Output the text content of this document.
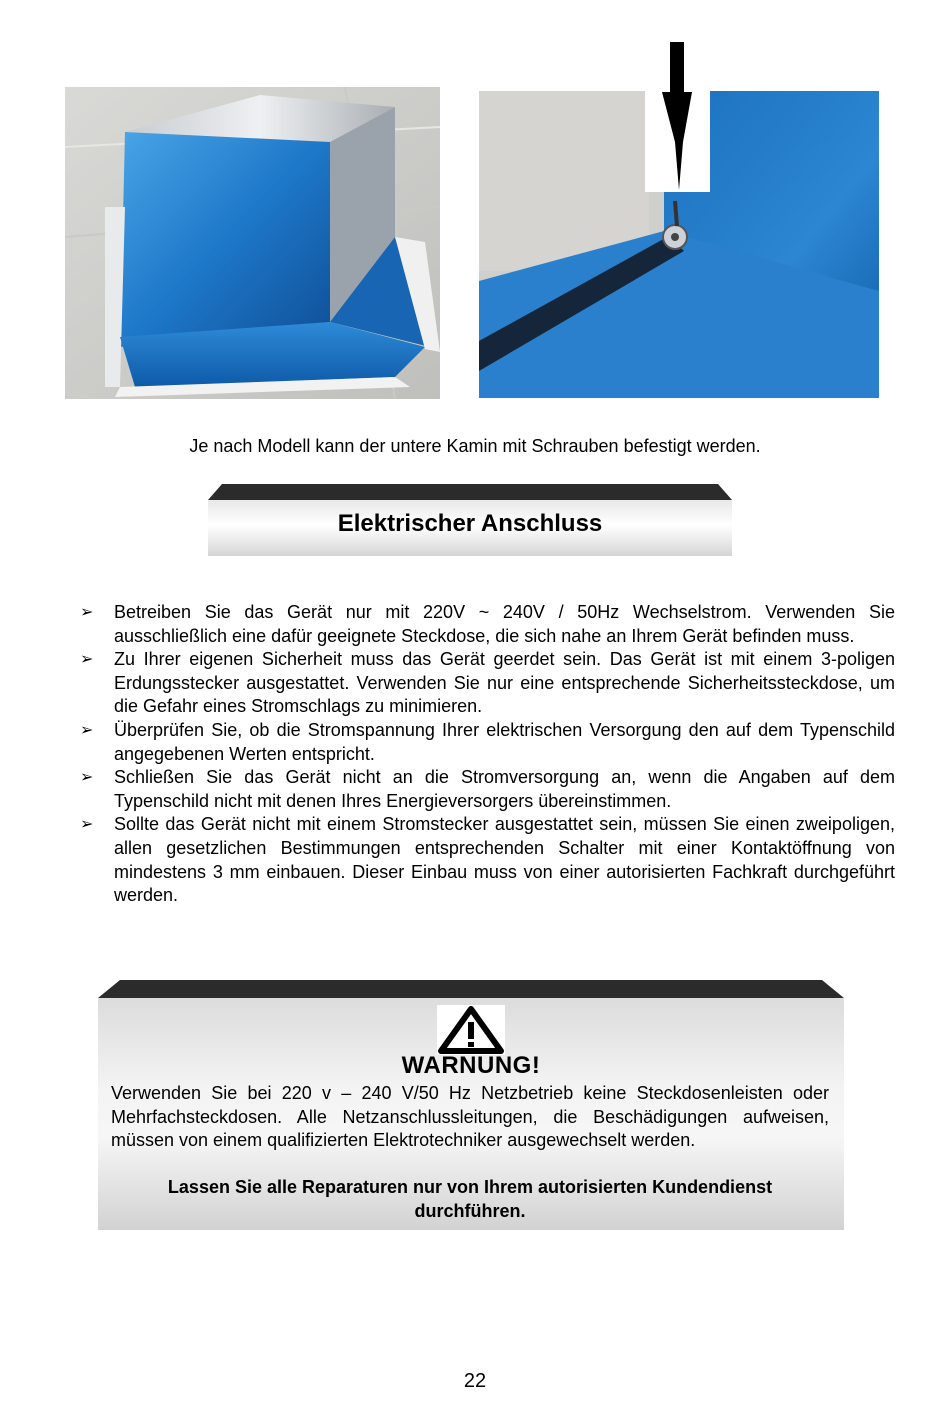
Je nach Modell kann der untere Kamin mit Schrauben befestigt werden.
Elektrischer Anschluss
➢	Betreiben Sie das Gerät nur mit 220V ~ 240V / 50Hz Wechselstrom. Verwenden Sie ausschließlich eine dafür geeignete Steckdose, die sich nahe an Ihrem Gerät befinden muss.
➢	Zu Ihrer eigenen Sicherheit muss das Gerät geerdet sein. Das Gerät ist mit einem 3-poligen Erdungsstecker ausgestattet. Verwenden Sie nur eine entsprechende Sicherheitssteckdose, um die Gefahr eines Stromschlags zu minimieren.
➢	Überprüfen Sie, ob die Stromspannung Ihrer elektrischen Versorgung den auf dem Typenschild angegebenen Werten entspricht.
➢	Schließen Sie das Gerät nicht an die Stromversorgung an, wenn die Angaben auf dem Typenschild nicht mit denen Ihres Energieversorgers übereinstimmen.
➢	Sollte das Gerät nicht mit einem Stromstecker ausgestattet sein, müssen Sie einen zweipoligen, allen gesetzlichen Bestimmungen entsprechenden Schalter mit einer Kontaktöffnung von mindestens 3 mm einbauen. Dieser Einbau muss von einer autorisierten Fachkraft durchgeführt werden.
WARNUNG!
Verwenden Sie bei 220 v – 240 V/50 Hz Netzbetrieb keine Steckdosenleisten oder Mehrfachsteckdosen. Alle Netzanschlussleitungen, die Beschädigungen aufweisen, müssen von einem qualifizierten Elektrotechniker ausgewechselt werden.
Lassen Sie alle Reparaturen nur von Ihrem autorisierten Kundendienst durchführen.
22
